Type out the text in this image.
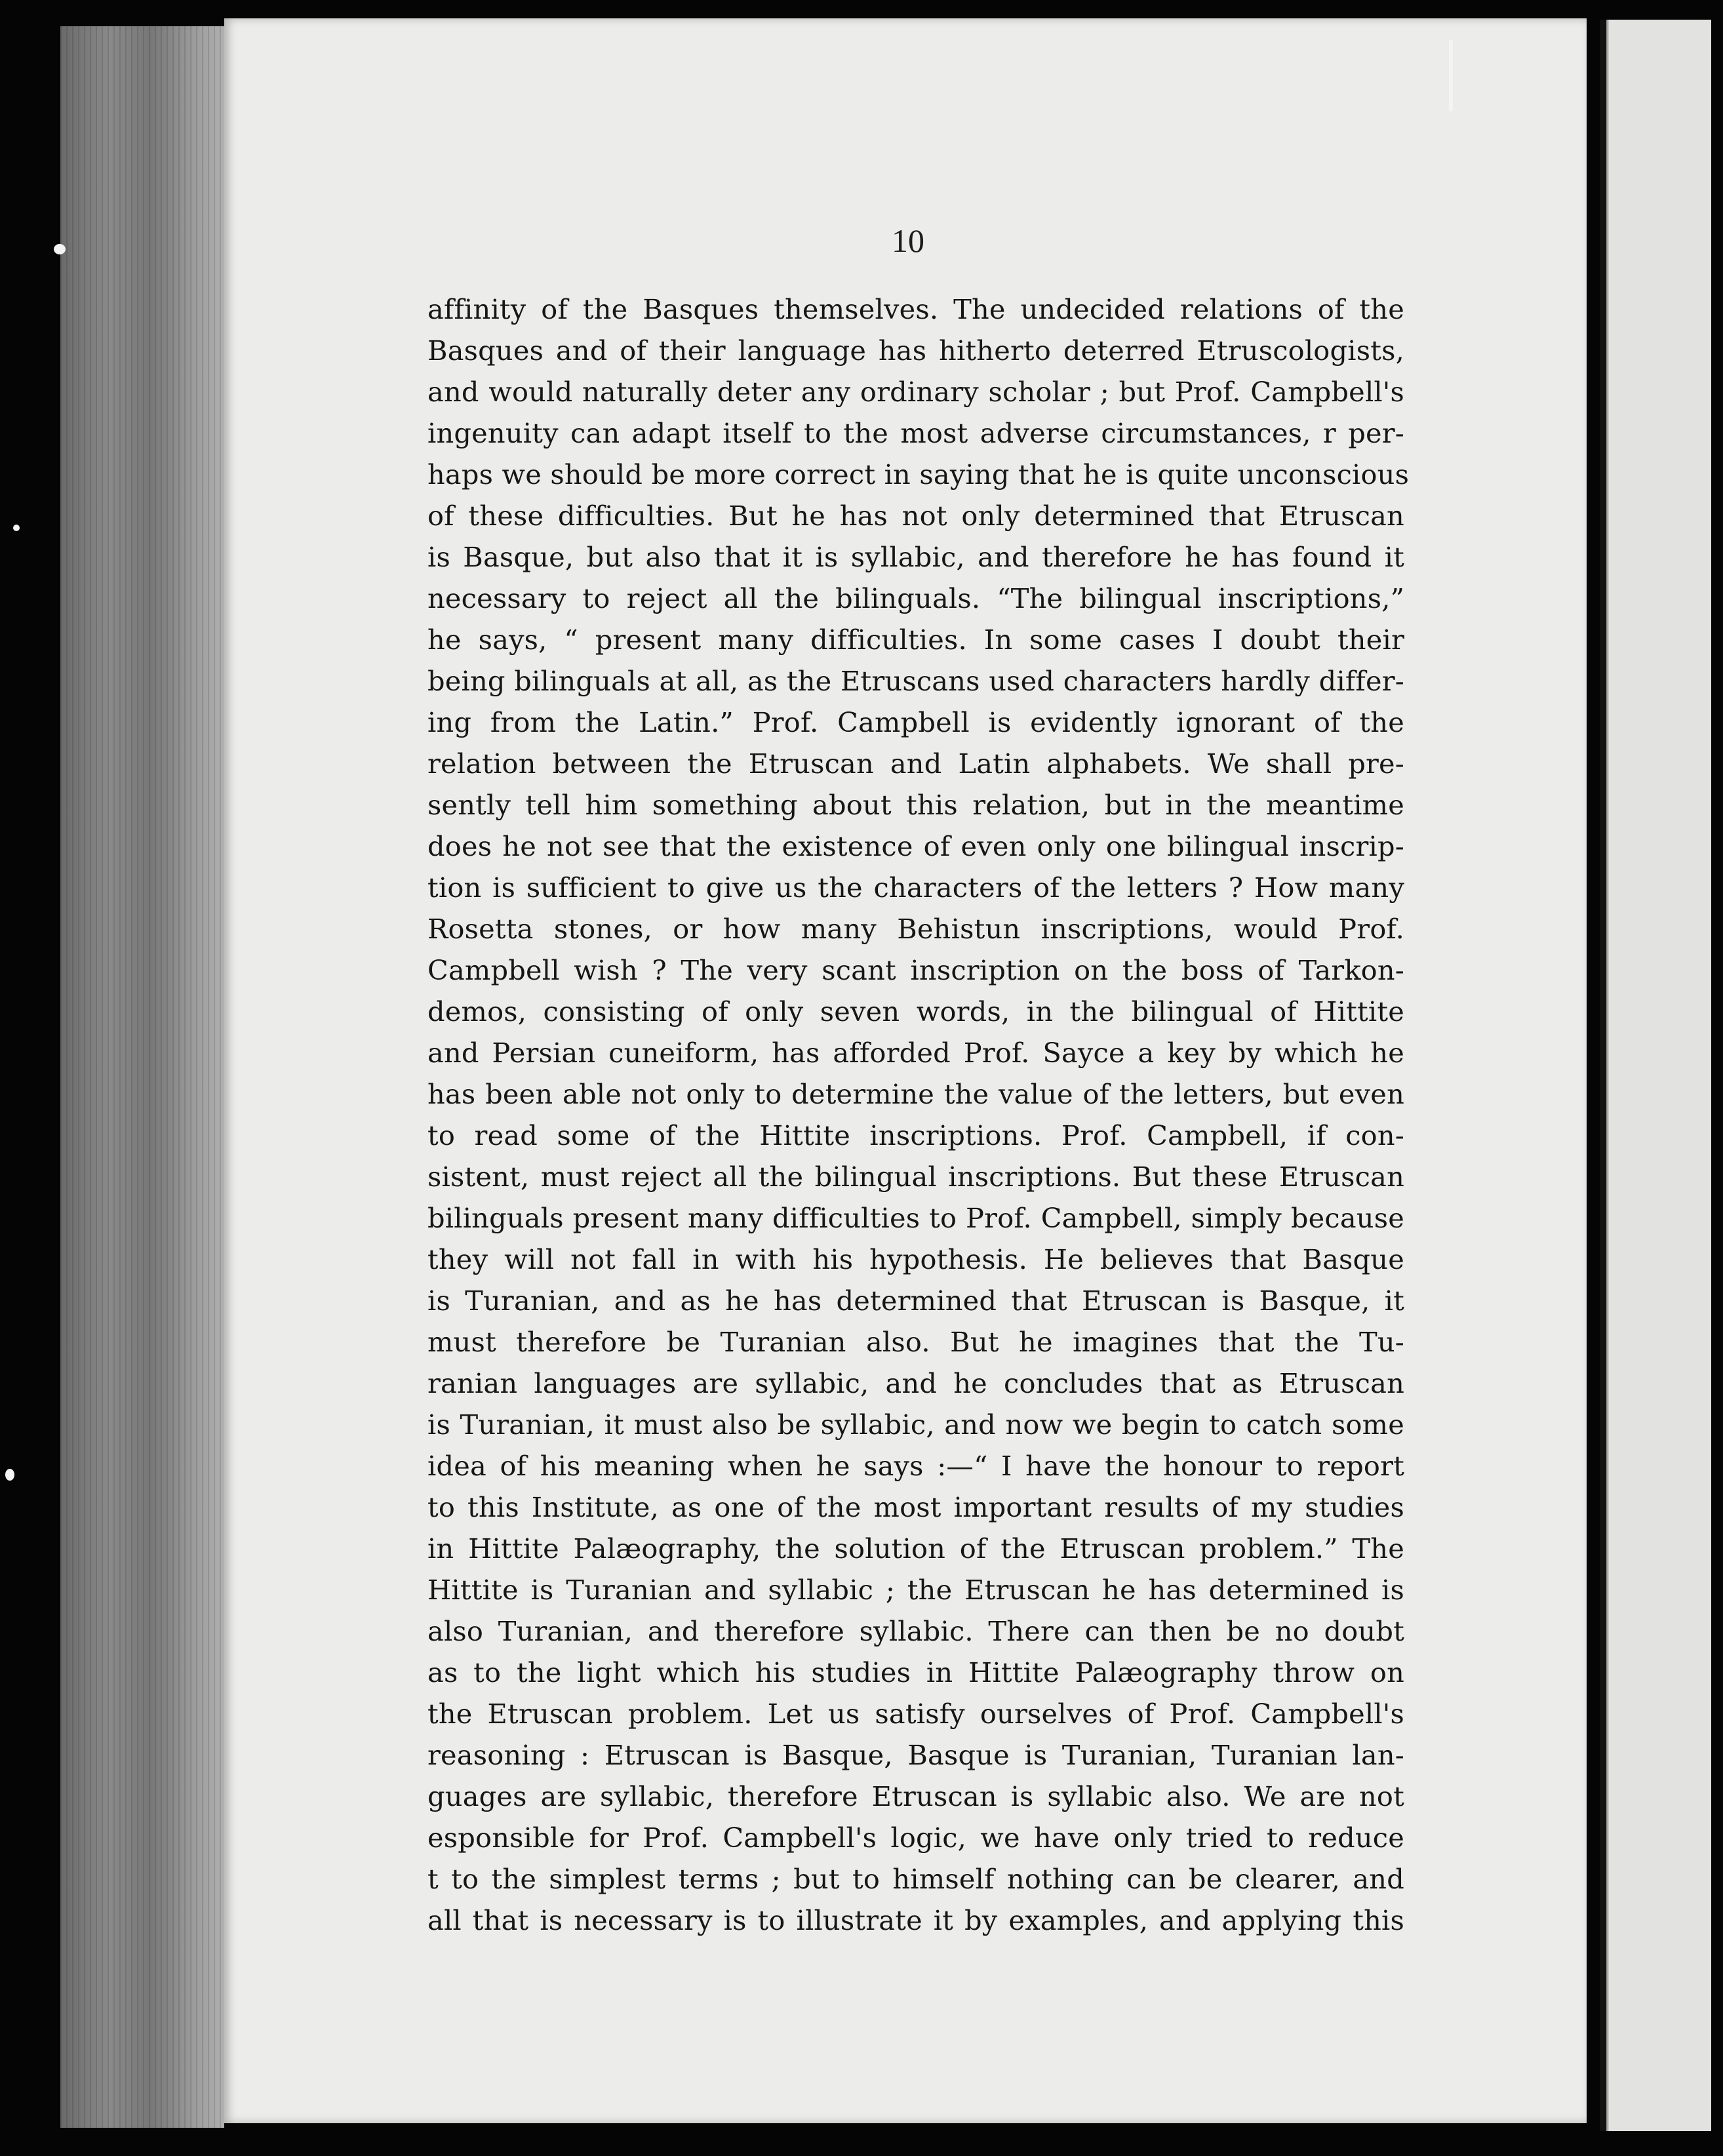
10

affinity of the Basques themselves. The undecided relations of the
Basques and of their language has hitherto deterred Etruscologists,
and would naturally deter any ordinary scholar ; but Prof. Campbell's
ingenuity can adapt itself to the most adverse circumstances, r per-
haps we should be more correct in saying that he is quite unconscious
of these difficulties. But he has not only determined that Etruscan
is Basque, but also that it is syllabic, and therefore he has found it
necessary to reject all the bilinguals. “The bilingual inscriptions,”
he says, “ present many difficulties. In some cases I doubt their
being bilinguals at all, as the Etruscans used characters hardly differ-
ing from the Latin.” Prof. Campbell is evidently ignorant of the
relation between the Etruscan and Latin alphabets. We shall pre-
sently tell him something about this relation, but in the meantime
does he not see that the existence of even only one bilingual inscrip-
tion is sufficient to give us the characters of the letters ? How many
Rosetta stones, or how many Behistun inscriptions, would Prof.
Campbell wish ? The very scant inscription on the boss of Tarkon-
demos, consisting of only seven words, in the bilingual of Hittite
and Persian cuneiform, has afforded Prof. Sayce a key by which he
has been able not only to determine the value of the letters, but even
to read some of the Hittite inscriptions. Prof. Campbell, if con-
sistent, must reject all the bilingual inscriptions. But these Etruscan
bilinguals present many difficulties to Prof. Campbell, simply because
they will not fall in with his hypothesis. He believes that Basque
is Turanian, and as he has determined that Etruscan is Basque, it
must therefore be Turanian also. But he imagines that the Tu-
ranian languages are syllabic, and he concludes that as Etruscan
is Turanian, it must also be syllabic, and now we begin to catch some
idea of his meaning when he says :—“ I have the honour to report
to this Institute, as one of the most important results of my studies
in Hittite Palæography, the solution of the Etruscan problem.” The
Hittite is Turanian and syllabic ; the Etruscan he has determined is
also Turanian, and therefore syllabic. There can then be no doubt
as to the light which his studies in Hittite Palæography throw on
the Etruscan problem. Let us satisfy ourselves of Prof. Campbell's
reasoning : Etruscan is Basque, Basque is Turanian, Turanian lan-
guages are syllabic, therefore Etruscan is syllabic also. We are not
esponsible for Prof. Campbell's logic, we have only tried to reduce
t to the simplest terms ; but to himself nothing can be clearer, and
all that is necessary is to illustrate it by examples, and applying this
